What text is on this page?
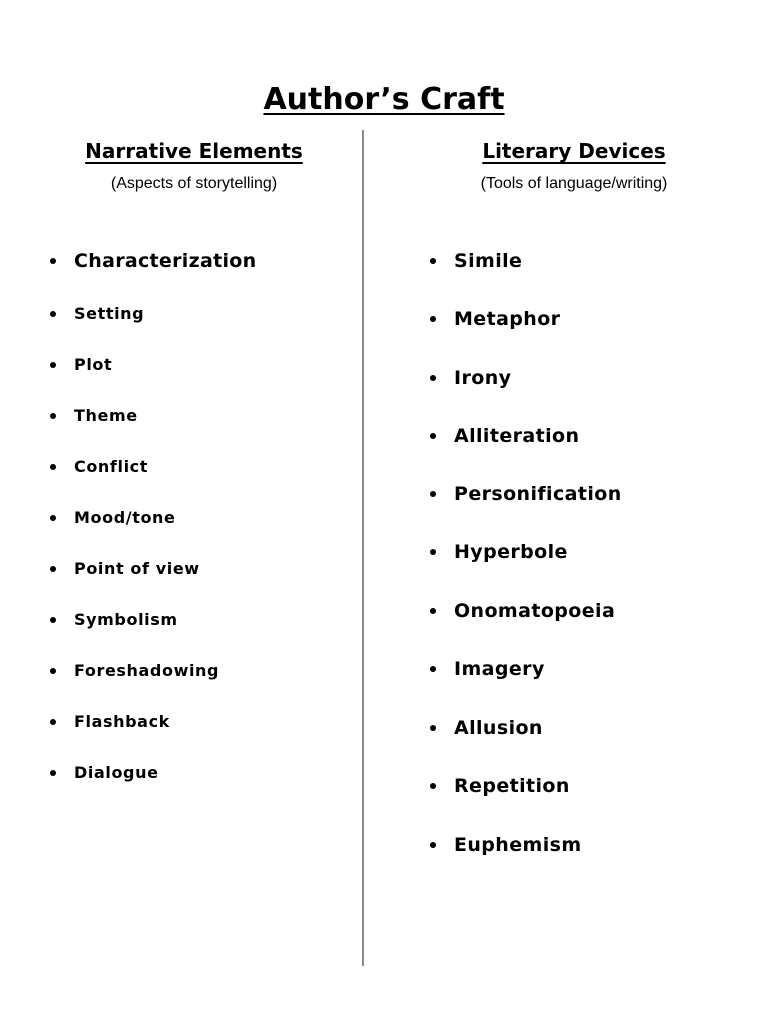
Author’s Craft
Narrative Elements

(Aspects of storytelling)

Literary Devices

(Tools of language/writing)

Characterization
Setting
Plot
Theme
Conflict
Mood/tone
Point of view
Symbolism
Foreshadowing
Flashback
Dialogue
Simile
Metaphor
Irony
Alliteration
Personification
Hyperbole
Onomatopoeia
Imagery
Allusion
Repetition
Euphemism
